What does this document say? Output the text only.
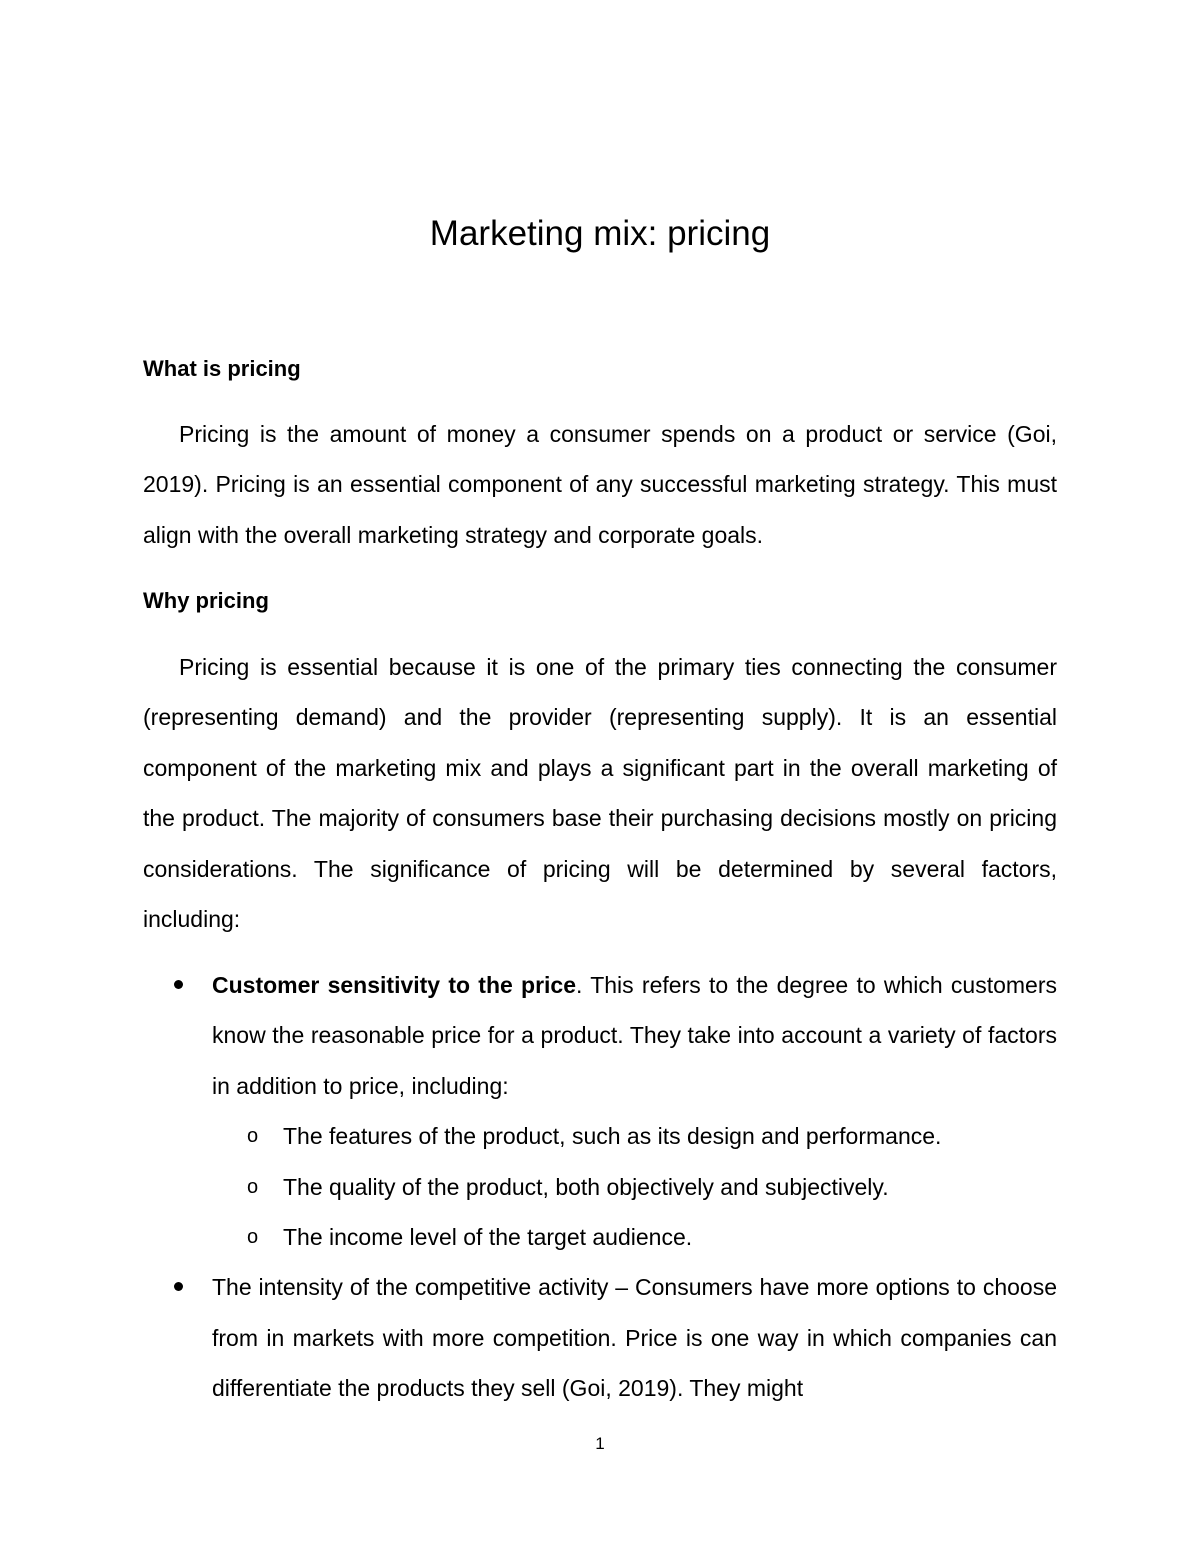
Marketing mix: pricing
What is pricing
Pricing is the amount of money a consumer spends on a product or service (Goi, 2019). Pricing is an essential component of any successful marketing strategy. This must align with the overall marketing strategy and corporate goals.
Why pricing
Pricing is essential because it is one of the primary ties connecting the consumer (representing demand) and the provider (representing supply). It is an essential component of the marketing mix and plays a significant part in the overall marketing of the product. The majority of consumers base their purchasing decisions mostly on pricing considerations. The significance of pricing will be determined by several factors, including:
Customer sensitivity to the price. This refers to the degree to which customers know the reasonable price for a product. They take into account a variety of factors in addition to price, including:
o The features of the product, such as its design and performance.
o The quality of the product, both objectively and subjectively.
o The income level of the target audience.
The intensity of the competitive activity – Consumers have more options to choose from in markets with more competition. Price is one way in which companies can differentiate the products they sell (Goi, 2019). They might
1
